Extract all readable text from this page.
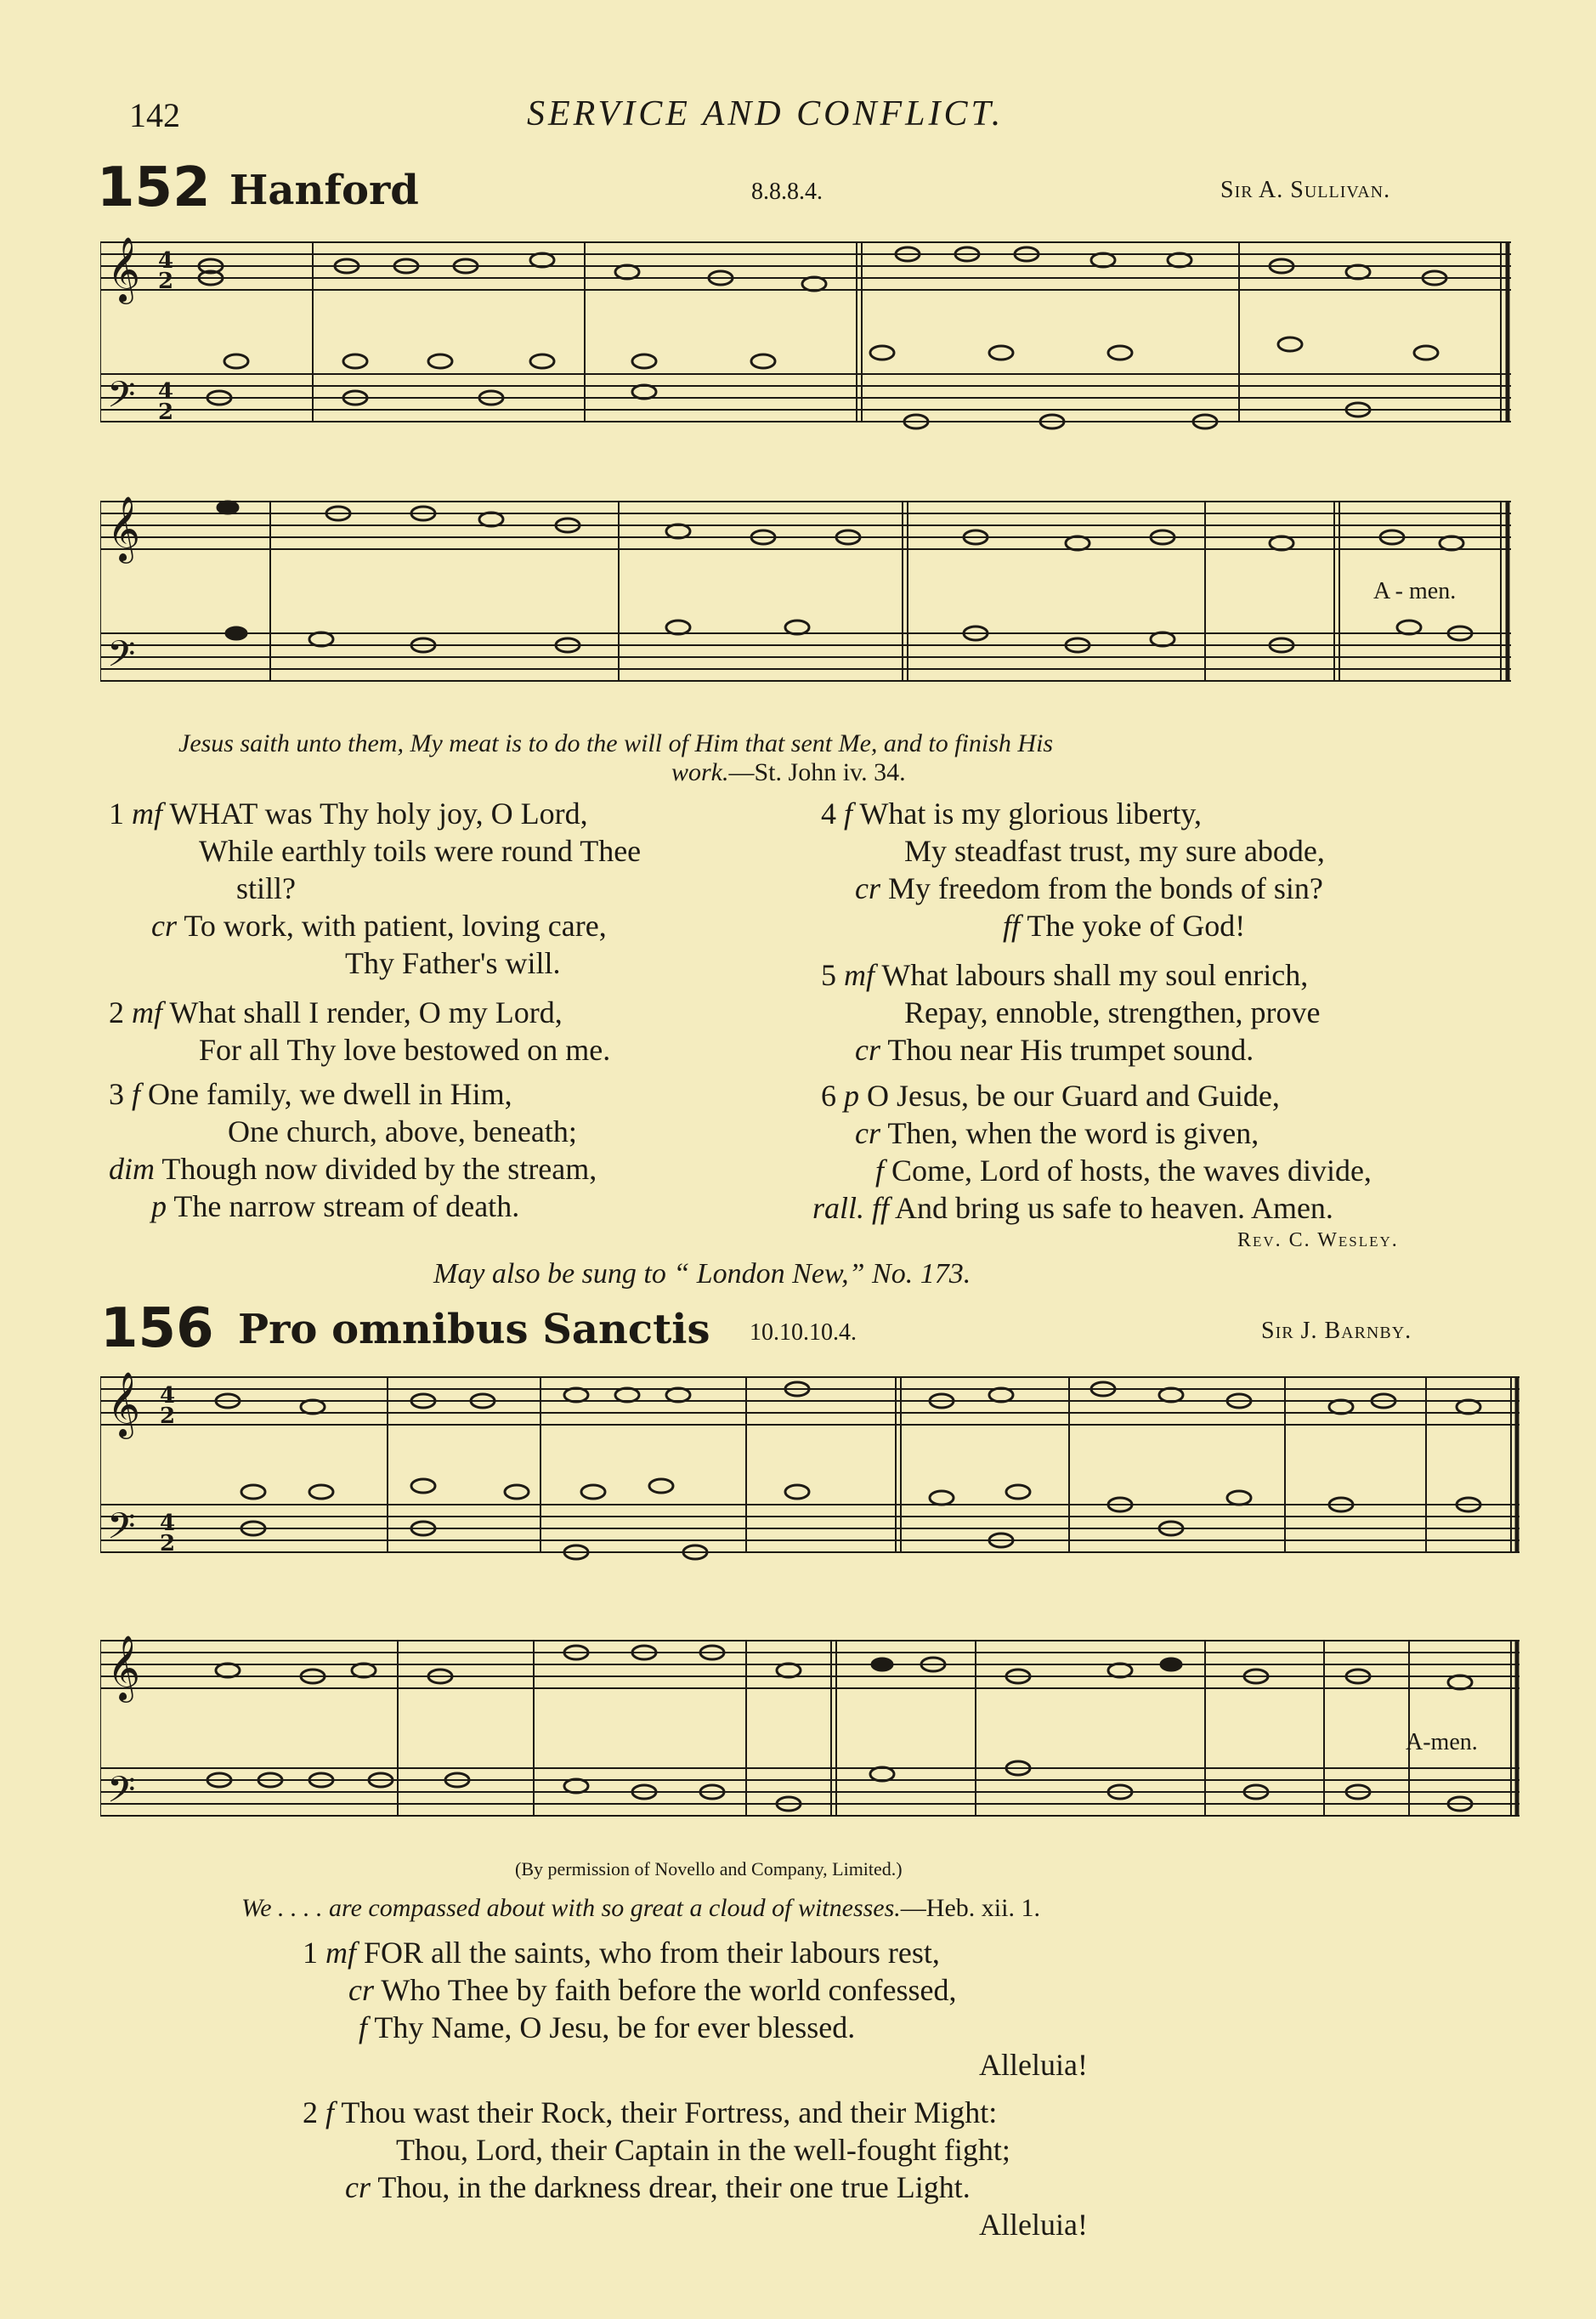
142	SERVICE AND CONFLICT.
152 Hanford	8.8.8.4.	Sir A. Sullivan.
𝄞
𝄢
4
2
4
2
𝄞
𝄢
A - men.
Jesus saith unto them, My meat is to do the will of Him that sent Me, and to finish His
work.—St. John iv. 34.
1 mf WHAT was Thy holy joy, O Lord,
While earthly toils were round Thee
still?
cr To work, with patient, loving care,
Thy Father's will.
2 mf What shall I render, O my Lord,
For all Thy love bestowed on me.
3 f One family, we dwell in Him,
One church, above, beneath;
dim Though now divided by the stream,
p The narrow stream of death.
4 f What is my glorious liberty,
My steadfast trust, my sure abode,
cr My freedom from the bonds of sin?
ff The yoke of God!
5 mf What labours shall my soul enrich,
Repay, ennoble, strengthen, prove
cr Thou near His trumpet sound.
6 p O Jesus, be our Guard and Guide,
cr Then, when the word is given,
f Come, Lord of hosts, the waves divide,
rall. ff And bring us safe to heaven. Amen.
Rev. C. Wesley.
May also be sung to “ London New,” No. 173.
156 Pro omnibus Sanctis 10.10.10.4.	Sir J. Barnby.
𝄞
𝄢
4
2
4
2
𝄞
𝄢
A-men.
(By permission of Novello and Company, Limited.)
We . . . . are compassed about with so great a cloud of witnesses.—Heb. xii. 1.
1 mf FOR all the saints, who from their labours rest,
cr Who Thee by faith before the world confessed,
f Thy Name, O Jesu, be for ever blessed.
Alleluia!
2 f Thou wast their Rock, their Fortress, and their Might:
Thou, Lord, their Captain in the well-fought fight;
cr Thou, in the darkness drear, their one true Light.
Alleluia!
